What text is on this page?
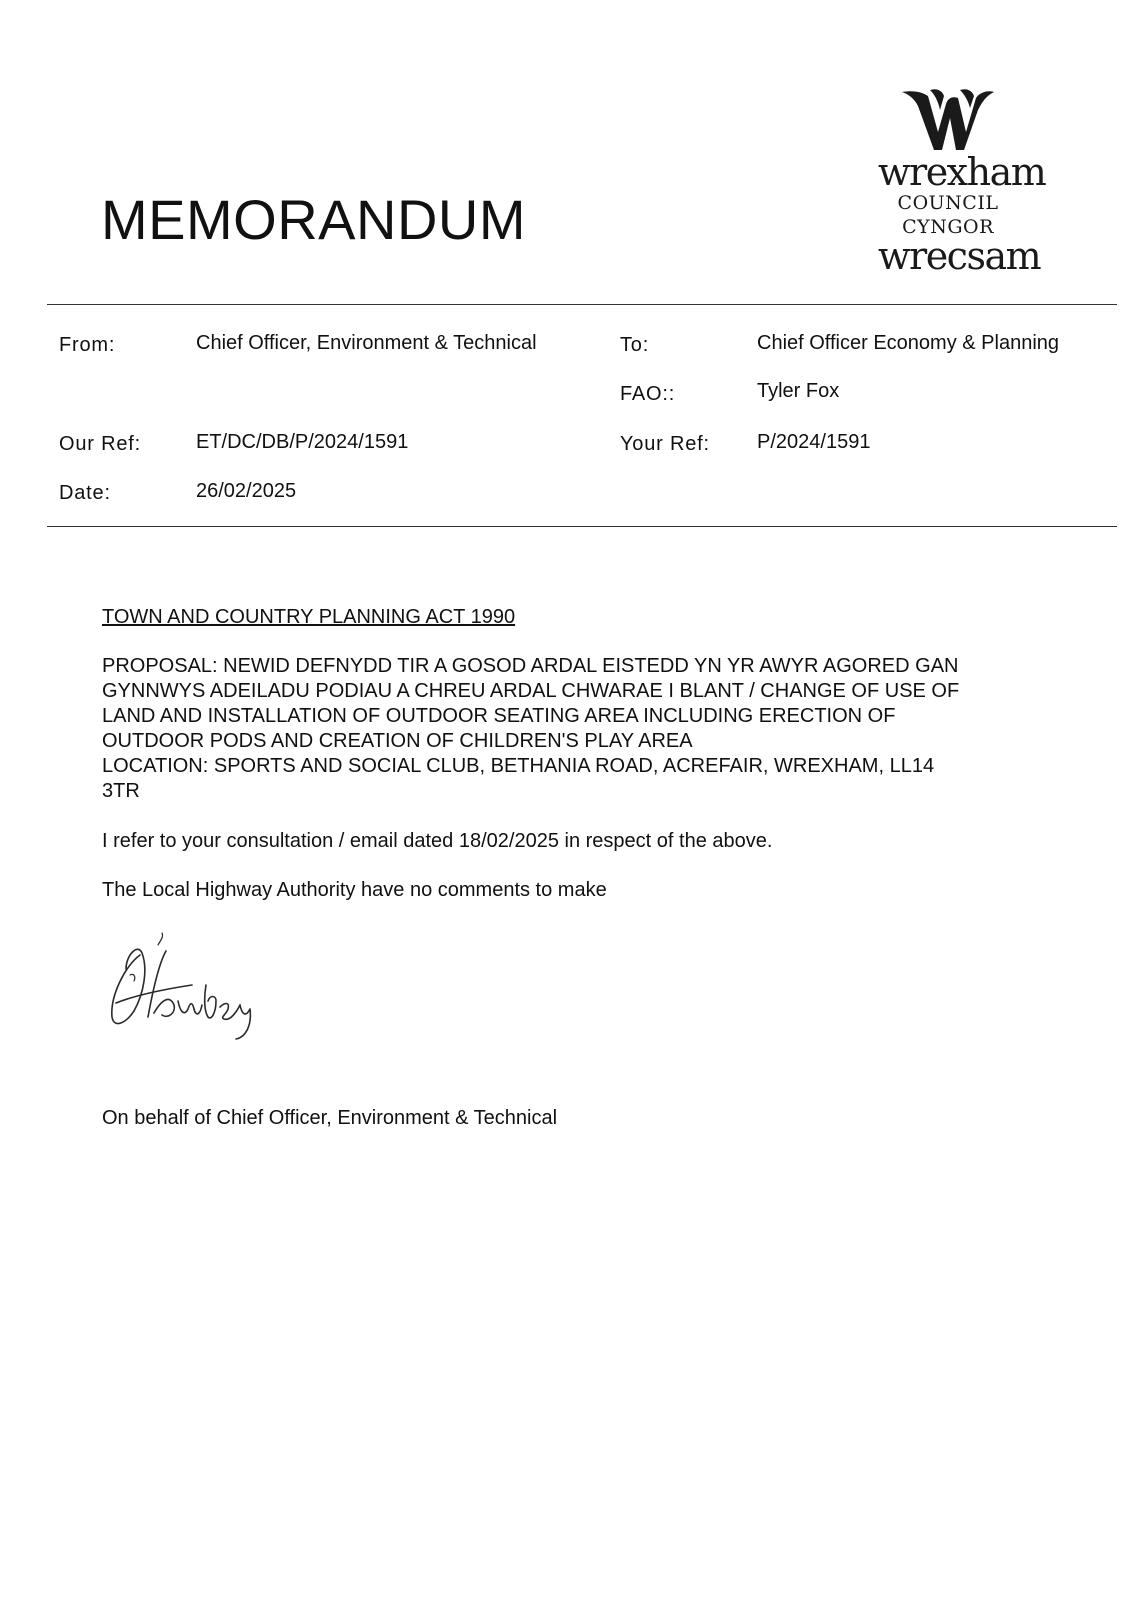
MEMORANDUM
wrexham
COUNCIL
CYNGOR
wrecsam
From:	Chief Officer, Environment & Technical	To:	Chief Officer Economy & Planning
FAO::	Tyler Fox
Our Ref:	ET/DC/DB/P/2024/1591	Your Ref: P/2024/1591
Date:	26/02/2025

TOWN AND COUNTRY PLANNING ACT 1990

PROPOSAL: NEWID DEFNYDD TIR A GOSOD ARDAL EISTEDD YN YR AWYR AGORED GAN
GYNNWYS ADEILADU PODIAU A CHREU ARDAL CHWARAE I BLANT / CHANGE OF USE OF
LAND AND INSTALLATION OF OUTDOOR SEATING AREA INCLUDING ERECTION OF
OUTDOOR PODS AND CREATION OF CHILDREN'S PLAY AREA
LOCATION: SPORTS AND SOCIAL CLUB, BETHANIA ROAD, ACREFAIR, WREXHAM, LL14
3TR

I refer to your consultation / email dated 18/02/2025 in respect of the above.

The Local Highway Authority have no comments to make

On behalf of Chief Officer, Environment & Technical
